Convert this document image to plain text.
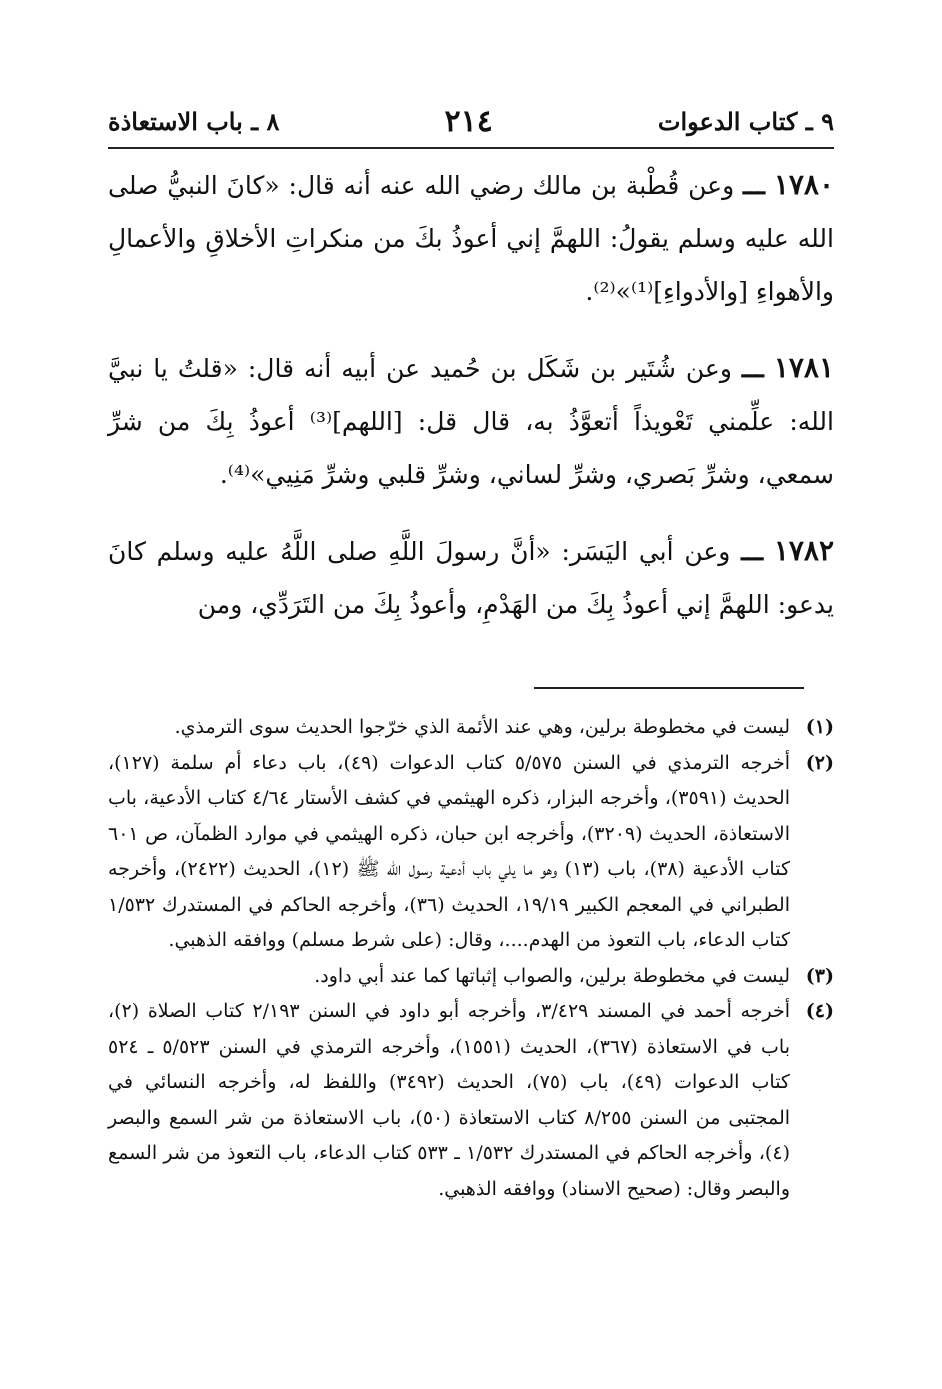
٩ ـ كتاب الدعوات
٢١٤
٨ ـ باب الاستعاذة

١٧٨٠ ـــ وعن قُطْبة بن مالك رضي الله عنه أنه قال: «كانَ النبيُّ صلى الله عليه وسلم يقولُ: اللهمَّ إني أعوذُ بكَ من منكراتِ الأخلاقِ والأعمالِ والأهواءِ [والأدواءِ]⁽¹⁾»⁽²⁾.

١٧٨١ ـــ وعن شُتَير بن شَكَل بن حُميد عن أبيه أنه قال: «قلتُ يا نبيَّ الله: علِّمني تَعْويذاً أتعوَّذُ به، قال قل: [اللهم]⁽³⁾ أعوذُ بِكَ من شرِّ سمعي، وشرِّ بَصري، وشرِّ لساني، وشرِّ قلبي وشرِّ مَنِيي»⁽⁴⁾.

١٧٨٢ ـــ وعن أبي اليَسَر: «أنَّ رسولَ اللَّهِ صلى اللَّهُ عليه وسلم كانَ يدعو: اللهمَّ إني أعوذُ بِكَ من الهَدْمِ، وأعوذُ بِكَ من التَرَدِّي، ومن

(١)
ليست في مخطوطة برلين، وهي عند الأئمة الذي خرّجوا الحديث سوى الترمذي.
(٢)
أخرجه الترمذي في السنن ٥/٥٧٥ كتاب الدعوات (٤٩)، باب دعاء أم سلمة (١٢٧)، الحديث (٣٥٩١)، وأخرجه البزار، ذكره الهيثمي في كشف الأستار ٤/٦٤ كتاب الأدعية، باب الاستعاذة، الحديث (٣٢٠٩)، وأخرجه ابن حبان، ذكره الهيثمي في موارد الظمآن، ص ٦٠١ كتاب الأدعية (٣٨)، باب (١٣) وهو ما يلي باب أدعية رسول الله ﷺ (١٢)، الحديث (٢٤٢٢)، وأخرجه الطبراني في المعجم الكبير ١٩/١٩، الحديث (٣٦)، وأخرجه الحاكم في المستدرك ١/٥٣٢ كتاب الدعاء، باب التعوذ من الهدم....، وقال: (على شرط مسلم) ووافقه الذهبي.
(٣)
ليست في مخطوطة برلين، والصواب إثباتها كما عند أبي داود.
(٤)
أخرجه أحمد في المسند ٣/٤٢٩، وأخرجه أبو داود في السنن ٢/١٩٣ كتاب الصلاة (٢)، باب في الاستعاذة (٣٦٧)، الحديث (١٥٥١)، وأخرجه الترمذي في السنن ٥/٥٢٣ ـ ٥٢٤ كتاب الدعوات (٤٩)، باب (٧٥)، الحديث (٣٤٩٢) واللفظ له، وأخرجه النسائي في المجتبى من السنن ٨/٢٥٥ كتاب الاستعاذة (٥٠)، باب الاستعاذة من شر السمع والبصر (٤)، وأخرجه الحاكم في المستدرك ١/٥٣٢ ـ ٥٣٣ كتاب الدعاء، باب التعوذ من شر السمع والبصر وقال: (صحيح الاسناد) ووافقه الذهبي.
